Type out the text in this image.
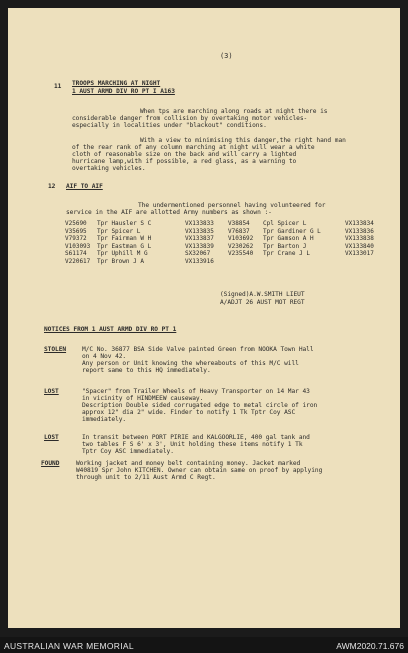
(3)
11 TROOPS MARCHING AT NIGHT
1 AUST ARMD DIV RO PT I A163
When tps are marching along roads at night there is
considerable danger from collision by overtaking motor vehicles-
especially in localities under "blackout" conditions.
With a view to minimising this danger,the right hand man
of the rear rank of any column marching at night will wear a white
cloth of reasonable size on the back and will carry a lighted
hurricane lamp,with if possible, a red glass, as a warning to
overtaking vehicles.
12 AIF TO AIF
The undermentioned personnel having volunteered for
service in the AIF are allotted Army numbers as shown :-
V25690 Tpr Hausler S C	VX133833 V38854 Cpl Spicer L	VX133834
V35695 Tpr Spicer L	VX133835 V76837 Tpr Gardiner G L	VX133836
V79372 Tpr Fairman W H	VX133837 V103692 Tpr Gamson A H	VX133838
V103093 Tpr Eastman G L	VX133839 V230262 Tpr Barton J	VX133840
S61174 Tpr Uphill M G	SX32067	V235540 Tpr Crane J L	VX133017
V220617 Tpr Brown J A	VX133916
(Signed)A.W.SMITH LIEUT
A/ADJT 26 AUST MOT REGT
NOTICES FROM 1 AUST ARMD DIV RO PT 1
STOLEN	M/C No. 36877 BSA Side Valve painted Green from NOOKA Town Hall
on 4 Nov 42.
Any person or Unit knowing the whereabouts of this M/C will
report same to this HQ immediately.
LOST	"Spacer" from Trailer Wheels of Heavy Transporter on 14 Mar 43
in vicinity of HINDMEEW causeway.
Description Double sided corrugated edge to metal circle of iron
approx 12" dia 2" wide. Finder to notify 1 Tk Tptr Coy ASC
immediately.
LOST	In transit between PORT PIRIE and KALGOORLIE, 400 gal tank and
two tables F S 6' x 3', Unit holding these items notify 1 Tk
Tptr Coy ASC immediately.
FOUND	Working jacket and money belt containing money. Jacket marked
W40819 Spr John KITCHEN. Owner can obtain same on proof by applying
through unit to 2/11 Aust Armd C Regt.
AUSTRALIAN WAR MEMORIAL	AWM2020.71.676
